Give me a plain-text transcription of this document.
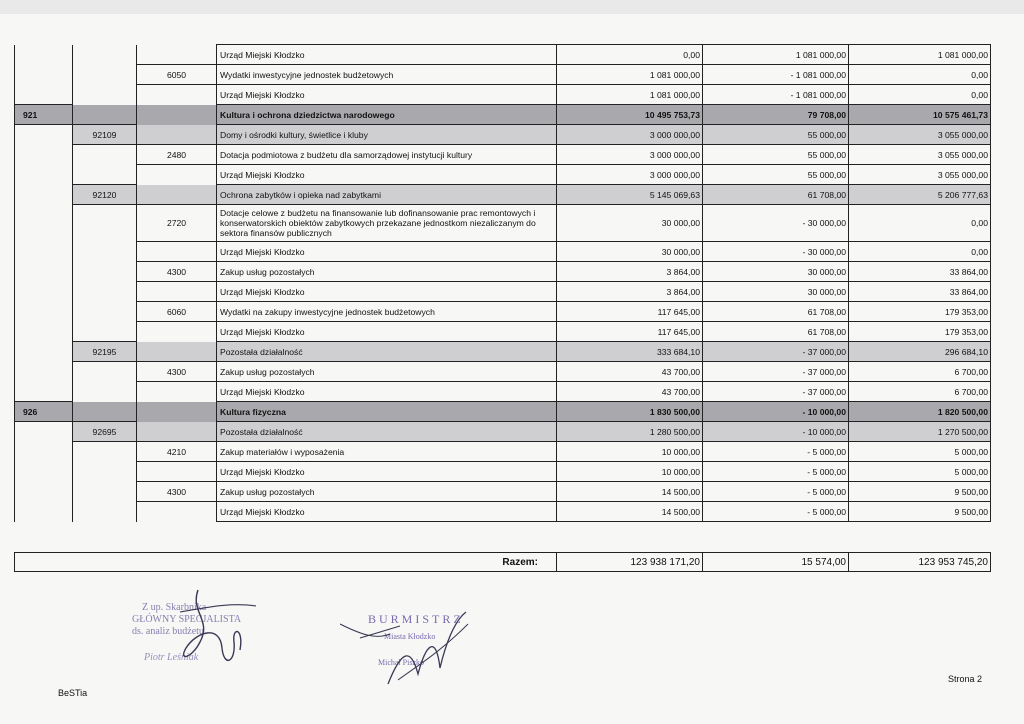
			Urząd Miejski Kłodzko	0,00	1 081 000,00	1 081 000,00
		6050	Wydatki inwestycyjne jednostek budżetowych	1 081 000,00	- 1 081 000,00	0,00
			Urząd Miejski Kłodzko	1 081 000,00	- 1 081 000,00	0,00
921			Kultura i ochrona dziedzictwa narodowego	10 495 753,73	79 708,00	10 575 461,73
	92109		Domy i ośrodki kultury, świetlice i kluby	3 000 000,00	55 000,00	3 055 000,00
		2480	Dotacja podmiotowa z budżetu dla samorządowej instytucji kultury	3 000 000,00	55 000,00	3 055 000,00
			Urząd Miejski Kłodzko	3 000 000,00	55 000,00	3 055 000,00
	92120		Ochrona zabytków i opieka nad zabytkami	5 145 069,63	61 708,00	5 206 777,63
		2720	Dotacje celowe z budżetu na finansowanie lub dofinansowanie prac remontowych i konserwatorskich obiektów zabytkowych przekazane jednostkom niezaliczanym do sektora finansów publicznych	30 000,00	- 30 000,00	0,00
			Urząd Miejski Kłodzko	30 000,00	- 30 000,00	0,00
		4300	Zakup usług pozostałych	3 864,00	30 000,00	33 864,00
			Urząd Miejski Kłodzko	3 864,00	30 000,00	33 864,00
		6060	Wydatki na zakupy inwestycyjne jednostek budżetowych	117 645,00	61 708,00	179 353,00
			Urząd Miejski Kłodzko	117 645,00	61 708,00	179 353,00
	92195		Pozostała działalność	333 684,10	- 37 000,00	296 684,10
		4300	Zakup usług pozostałych	43 700,00	- 37 000,00	6 700,00
			Urząd Miejski Kłodzko	43 700,00	- 37 000,00	6 700,00
926			Kultura fizyczna	1 830 500,00	- 10 000,00	1 820 500,00
	92695		Pozostała działalność	1 280 500,00	- 10 000,00	1 270 500,00
		4210	Zakup materiałów i wyposażenia	10 000,00	- 5 000,00	5 000,00
			Urząd Miejski Kłodzko	10 000,00	- 5 000,00	5 000,00
		4300	Zakup usług pozostałych	14 500,00	- 5 000,00	9 500,00
			Urząd Miejski Kłodzko	14 500,00	- 5 000,00	9 500,00
Razem:	123 938 171,20	15 574,00	123 953 745,20
Z up. Skarbnika
GŁÓWNY SPECJALISTA
ds. analiz budżetu
Piotr Leśniak
BURMISTRZ
Miasta Kłodzko
Michał Piszko
BeSTia
Strona 2
